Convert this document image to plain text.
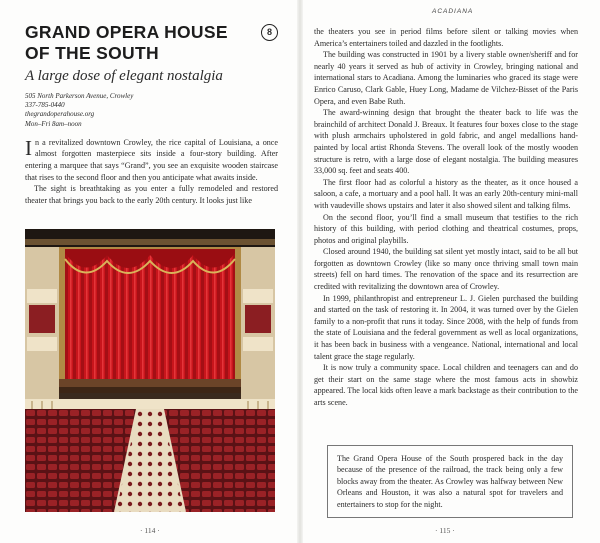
GRAND OPERA HOUSE OF THE SOUTH
8
A large dose of elegant nostalgia
505 North Parkerson Avenue, Crowley
337-785-0440
thegrandoperahouse.org
Mon–Fri 8am–noon

In a revitalized downtown Crowley, the rice capital of Louisiana, a once almost forgotten masterpiece sits inside a four-story building. After entering a marquee that says “Grand”, you see an exquisite wooden staircase that rises to the second floor and then you anticipate what awaits inside.

The sight is breathtaking as you enter a fully remodeled and restored theater that brings you back to the early 20th century. It looks just like

· 114 ·
ACADIANA

the theaters you see in period films before silent or talking movies when America’s entertainers toiled and dazzled in the footlights.

The building was constructed in 1901 by a livery stable owner/sheriff and for nearly 40 years it served as hub of activity in Crowley, bringing national and international stars to Acadiana. Among the luminaries who graced its stage were Enrico Caruso, Clark Gable, Huey Long, Madame de Vilchez-Bisset of the Paris Opera, and even Babe Ruth.

The award-winning design that brought the theater back to life was the brainchild of architect Donald J. Breaux. It features four boxes close to the stage with plush armchairs upholstered in gold fabric, and angel medallions hand-painted by local artist Rhonda Stevens. The overall look of the mostly wooden structure is retro, with a large dose of elegant nostalgia. The building measures 33,000 sq. feet and seats 400.

The first floor had as colorful a history as the theater, as it once housed a saloon, a cafe, a mortuary and a pool hall. It was an early 20th-century mini-mall with vaudeville shows upstairs and later it also showed silent and talking films.

On the second floor, you’ll find a small museum that testifies to the rich history of this building, with period clothing and theatrical costumes, props, photos and original playbills.

Closed around 1940, the building sat silent yet mostly intact, said to be all but forgotten as downtown Crowley (like so many once thriving small town main streets) fell on hard times. The renovation of the space and its resurrection are credited with revitalizing the downtown area of Crowley.

In 1999, philanthropist and entrepreneur L. J. Gielen purchased the building and started on the task of restoring it. In 2004, it was turned over by the Gielen family to a non-profit that runs it today. Since 2008, with the help of funds from the state of Louisiana and the federal government as well as local organizations, it has been back in business with a vengeance. National, international and local talent grace the stage regularly.

It is now truly a community space. Local children and teenagers can and do get their start on the same stage where the most famous acts in showbiz appeared. The local kids often leave a mark backstage as their contribution to the arts scene.

The Grand Opera House of the South prospered back in the day because of the presence of the railroad, the track being only a few blocks away from the theater. As Crowley was halfway between New Orleans and Houston, it was also a natural spot for travelers and entertainers to stop for the night.
· 115 ·
